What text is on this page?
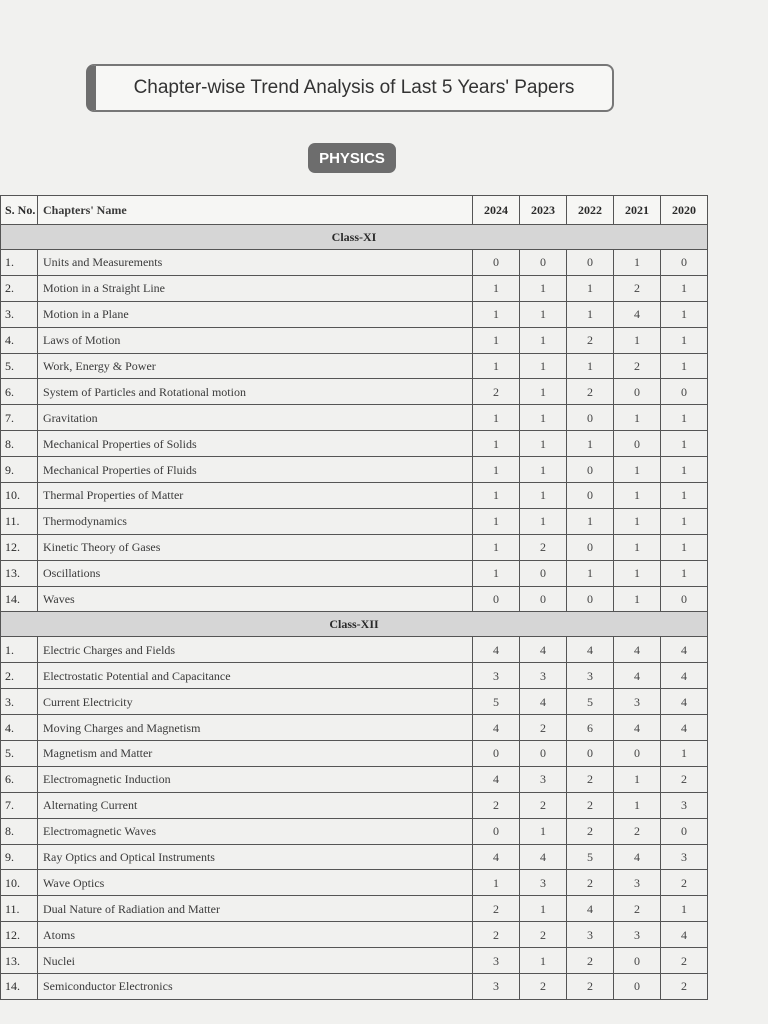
Chapter-wise Trend Analysis of Last 5 Years' Papers
PHYSICS
S. No.	Chapters' Name	2024	2023	2022	2021	2020
Class-XI						
1.	Units and Measurements	0	0	0	1	0
2.	Motion in a Straight Line	1	1	1	2	1
3.	Motion in a Plane	1	1	1	4	1
4.	Laws of Motion	1	1	2	1	1
5.	Work, Energy & Power	1	1	1	2	1
6.	System of Particles and Rotational motion	2	1	2	0	0
7.	Gravitation	1	1	0	1	1
8.	Mechanical Properties of Solids	1	1	1	0	1
9.	Mechanical Properties of Fluids	1	1	0	1	1
10.	Thermal Properties of Matter	1	1	0	1	1
11.	Thermodynamics	1	1	1	1	1
12.	Kinetic Theory of Gases	1	2	0	1	1
13.	Oscillations	1	0	1	1	1
14.	Waves	0	0	0	1	0
Class-XII						
1.	Electric Charges and Fields	4	4	4	4	4
2.	Electrostatic Potential and Capacitance	3	3	3	4	4
3.	Current Electricity	5	4	5	3	4
4.	Moving Charges and Magnetism	4	2	6	4	4
5.	Magnetism and Matter	0	0	0	0	1
6.	Electromagnetic Induction	4	3	2	1	2
7.	Alternating Current	2	2	2	1	3
8.	Electromagnetic Waves	0	1	2	2	0
9.	Ray Optics and Optical Instruments	4	4	5	4	3
10.	Wave Optics	1	3	2	3	2
11.	Dual Nature of Radiation and Matter	2	1	4	2	1
12.	Atoms	2	2	3	3	4
13.	Nuclei	3	1	2	0	2
14.	Semiconductor Electronics	3	2	2	0	2
